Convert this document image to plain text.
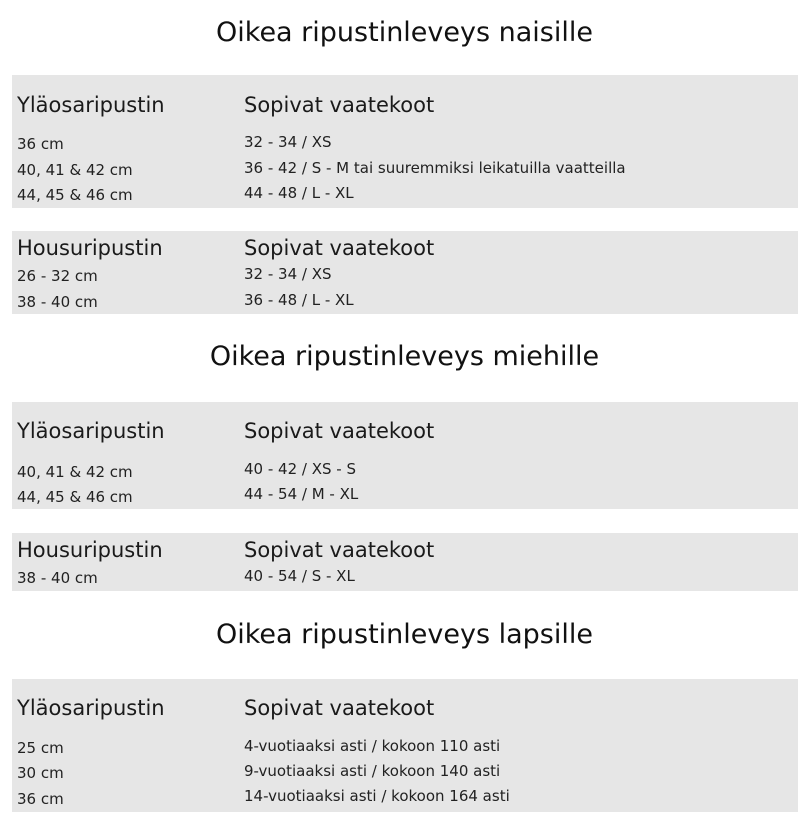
Oikea ripustinleveys naisille
Yläosaripustin	Sopivat vaatekoot
36 cm	32 - 34 / XS
40, 41 & 42 cm	36 - 42 / S - M tai suuremmiksi leikatuilla vaatteilla
44, 45 & 46 cm	44 - 48 / L - XL
Housuripustin	Sopivat vaatekoot
26 - 32 cm	32 - 34 / XS
38 - 40 cm	36 - 48 / L - XL
Oikea ripustinleveys miehille
Yläosaripustin	Sopivat vaatekoot
40, 41 & 42 cm	40 - 42 / XS - S
44, 45 & 46 cm	44 - 54 / M - XL
Housuripustin	Sopivat vaatekoot
38 - 40 cm	40 - 54 / S - XL
Oikea ripustinleveys lapsille
Yläosaripustin	Sopivat vaatekoot
25 cm	4-vuotiaaksi asti / kokoon 110 asti
30 cm	9-vuotiaaksi asti / kokoon 140 asti
36 cm	14-vuotiaaksi asti / kokoon 164 asti
